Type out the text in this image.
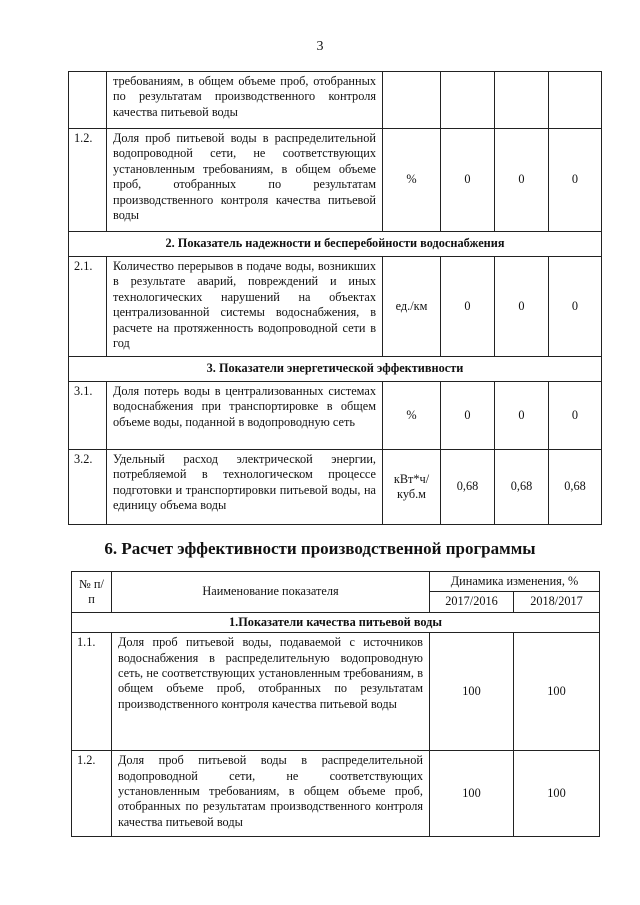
3
	требованиям, в общем объеме проб, отобранных по результатам производственного контроля качества питьевой воды				
1.2.	Доля проб питьевой воды в распределительной водопроводной сети, не соответствующих установленным требованиям, в общем объеме проб, отобранных по результатам производственного контроля качества питьевой воды	%	0	0	0
2. Показатель надежности и бесперебойности водоснабжения					
2.1.	Количество перерывов в подаче воды, возникших в результате аварий, повреждений и иных технологических нарушений на объектах централизованной системы водоснабжения, в расчете на протяженность водопроводной сети в год	ед./км	0	0	0
3. Показатели энергетической эффективности					
3.1.	Доля потерь воды в централизованных системах водоснабжения при транспортировке в общем объеме воды, поданной в водопроводную сеть	%	0	0	0
3.2.	Удельный расход электрической энергии, потребляемой в технологическом процессе подготовки и транспортировки питьевой воды, на единицу объема воды	кВт*ч/ куб.м	0,68	0,68	0,68
6. Расчет эффективности производственной программы
№ п/п	Наименование показателя	Динамика изменения, %	
		2017/2016	2018/2017
1.Показатели качества питьевой воды			
1.1.	Доля проб питьевой воды, подаваемой с источников водоснабжения в распределительную водопроводную сеть, не соответствующих установленным требованиям, в общем объеме проб, отобранных по результатам производственного контроля качества питьевой воды	100	100
1.2.	Доля проб питьевой воды в распределительной водопроводной сети, не соответствующих установленным требованиям, в общем объеме проб, отобранных по результатам производственного контроля качества питьевой воды	100	100
